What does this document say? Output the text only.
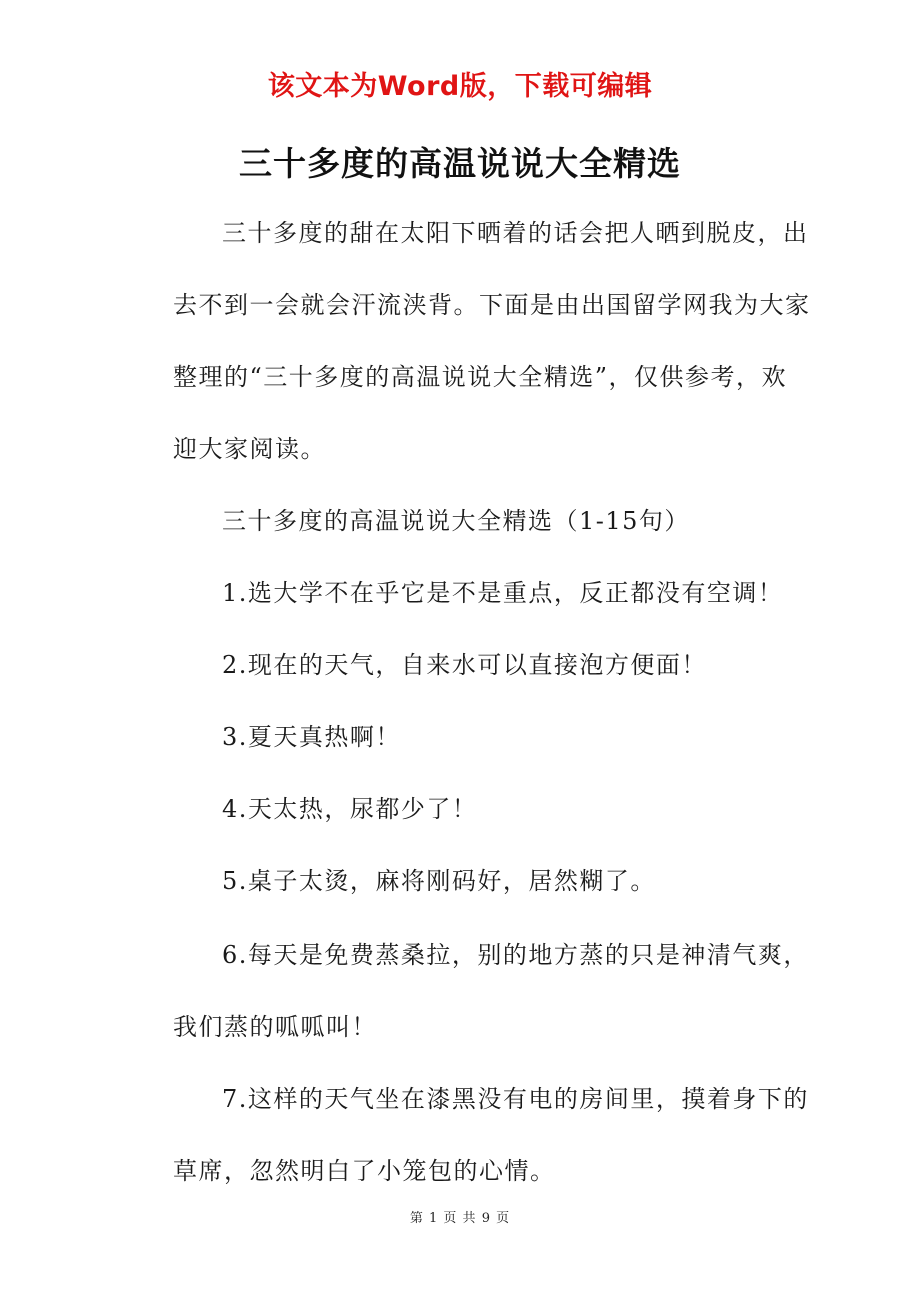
该文本为Word版，下载可编辑
三十多度的高温说说大全精选
三十多度的甜在太阳下晒着的话会把人晒到脱皮，出
去不到一会就会汗流浃背。下面是由出国留学网我为大家
整理的“三十多度的高温说说大全精选”，仅供参考，欢
迎大家阅读。
三十多度的高温说说大全精选（1-15句）
1.选大学不在乎它是不是重点，反正都没有空调！
2.现在的天气，自来水可以直接泡方便面！
3.夏天真热啊！
4.天太热，尿都少了！
5.桌子太烫，麻将刚码好，居然糊了。
6.每天是免费蒸桑拉，别的地方蒸的只是神清气爽，
我们蒸的呱呱叫！
7.这样的天气坐在漆黑没有电的房间里，摸着身下的
草席，忽然明白了小笼包的心情。
第 1 页 共 9 页
